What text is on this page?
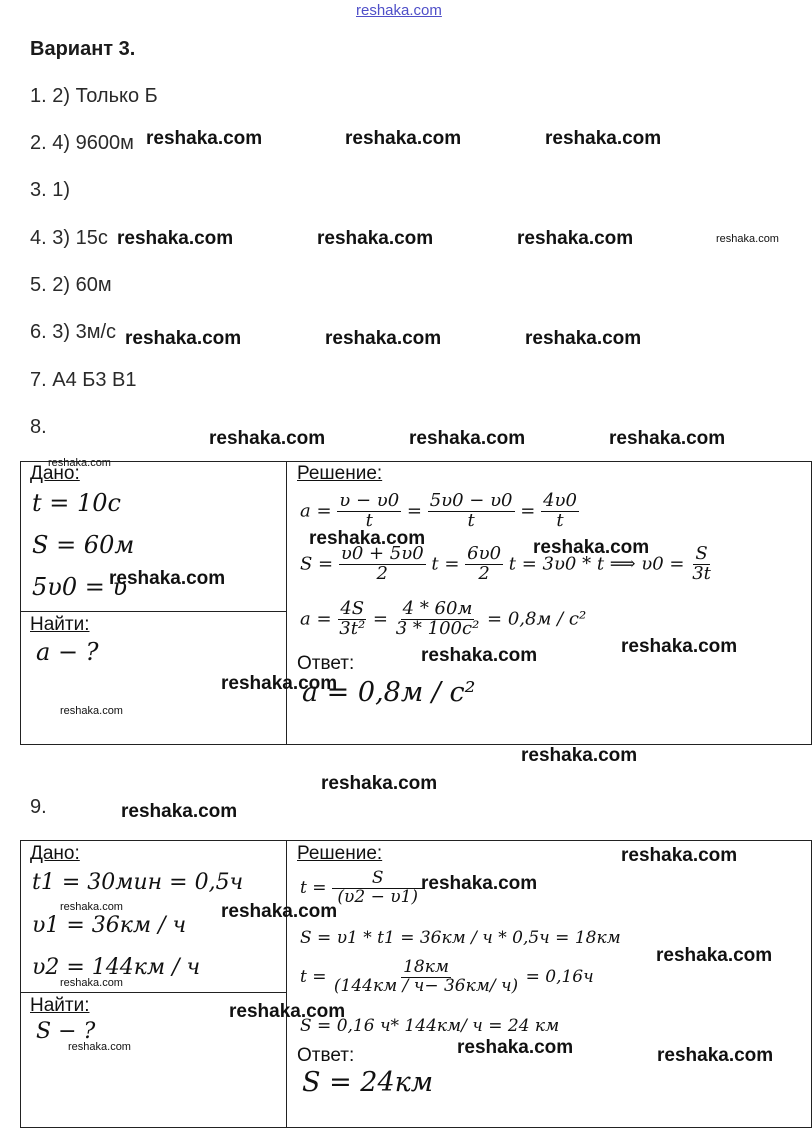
reshaka.com
Вариант 3.
1. 2) Только Б
2. 4) 9600м
3. 1)
4. 3) 15с
5. 2) 60м
6. 3) 3м/с
7. А4 Б3 В1
8.
Дано:
t = 10c
S = 60м
5υ0 = υ
Найти:
a − ?
Решение:
$a = \frac{\upsilon - \upsilon 0}{t} = \frac{5\upsilon 0 - \upsilon 0}{t} = \frac{4\upsilon 0}{t}$
$S = \frac{\upsilon 0 + 5\upsilon 0}{2}$ $t = \frac{6\upsilon 0}{2}$ t = 3υ0 * t ⟹ $\upsilon 0 = \frac{S}{3t}$
$a = \frac{4S}{\text{3t²}} = \frac{4 * 60м}{\text{3 * 100c²}} = 0,8м / c^2$
Ответ:
a = 0,8м / c²
9.
Дано:
t1 = 30мин = 0,5ч
υ1 = 36км / ч
υ2 = 144км / ч
Найти:
S − ?
Решение:
$t = \frac{S}{(\upsilon 2 - \upsilon 1)}$
S = υ1 * t1 = 36км / ч * 0,5ч = 18км
$t = \frac{18км}{(144км / ч- 36км/ ч)} = 0,16ч$
S = 0,16 ч* 144км/ ч = 24 км
Ответ:
S = 24км
reshaka.com	reshaka.com	reshaka.com
reshaka.com	reshaka.com	reshaka.com	reshaka.com
reshaka.com	reshaka.com	reshaka.com
reshaka.com	reshaka.com	reshaka.com
reshaka.com
reshaka.com	reshaka.com
reshaka.com
reshaka.com	reshaka.com
reshaka.com
reshaka.com
reshaka.com
reshaka.com
reshaka.com
reshaka.com
reshaka.com
reshaka.com	reshaka.com
reshaka.com
reshaka.com
reshaka.com
reshaka.com	reshaka.com
reshaka.com
